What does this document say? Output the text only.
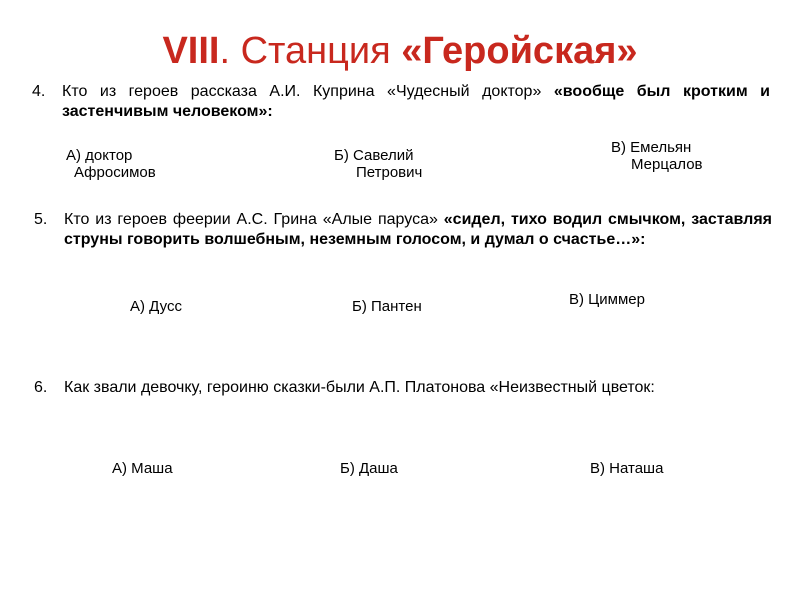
VIII. Станция «Геройская»
4. Кто из героев рассказа А.И. Куприна «Чудесный доктор» «вообще был кротким и застенчивым человеком»:
А) доктор
Афросимов
Б) Савелий
Петрович
В) Емельян
Мерцалов
5. Кто из героев феерии А.С. Грина «Алые паруса» «сидел, тихо водил смычком, заставляя струны говорить волшебным, неземным голосом, и думал о счастье…»:
А) Дусс	Б) Пантен	В) Циммер
6. Как звали девочку, героиню сказки-были А.П. Платонова «Неизвестный цветок:
А) Маша	Б) Даша	В) Наташа
